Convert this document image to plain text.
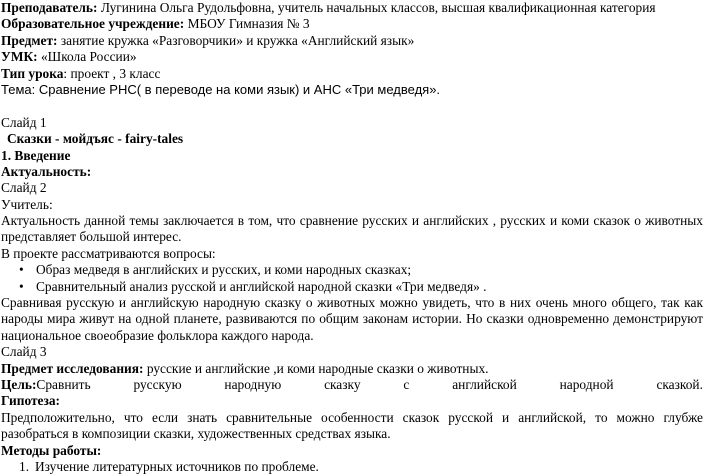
Преподаватель: Лугинина Ольга Рудольфовна, учитель начальных классов, высшая квалификационная категория
Образовательное учреждение: МБОУ Гимназия № 3
Предмет: занятие кружка «Разговорчики» и кружка «Английский язык»
УМК: «Школа России»
Тип урока: проект , 3 класс
Тема: Сравнение РНС( в переводе на коми язык) и АНС «Три медведя».
Слайд 1
Сказки - мойдъяс - fairy-tales
1. Введение
Актуальность:
Слайд 2
Учитель:
Актуальность данной темы заключается в том, что сравнение русских и английских , русских и коми сказок о животных представляет большой интерес.
В проекте рассматриваются вопросы:
• Образ медведя в английских и русских, и коми народных сказках;
• Сравнительный анализ русской и английской народной сказки «Три медведя» .
Сравнивая русскую и английскую народную сказку о животных можно увидеть, что в них очень много общего, так как народы мира живут на одной планете, развиваются по общим законам истории. Но сказки одновременно демонстрируют национальное своеобразие фольклора каждого народа.
Слайд 3
Предмет исследования: русские и английские ,и коми народные сказки о животных.
Цель:Сравнить	русскую	народную	сказку	с	английской	народной	сказкой.
Гипотеза:
Предположительно, что если знать сравнительные особенности сказок русской и английской, то можно глубже разобраться в композиции сказки, художественных средствах языка.
Методы работы:
1. Изучение литературных источников по проблеме.
